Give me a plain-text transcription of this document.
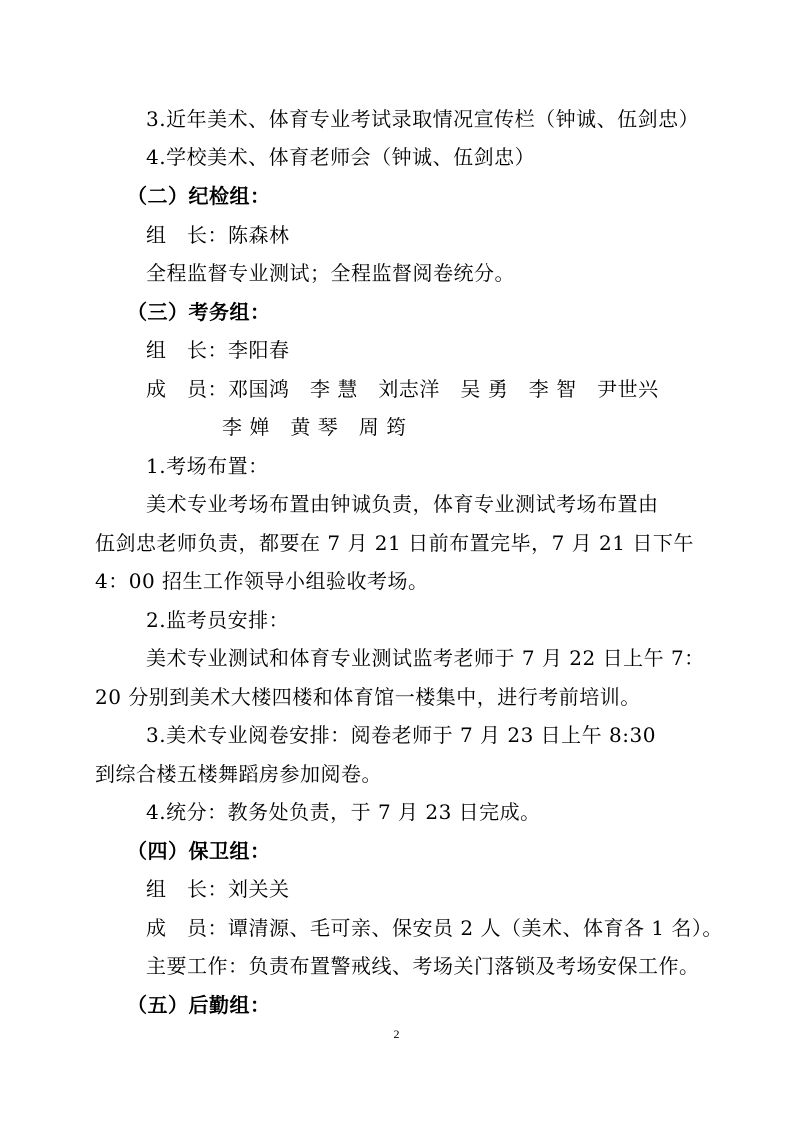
3.近年美术、体育专业考试录取情况宣传栏（钟诚、伍剑忠）
4.学校美术、体育老师会（钟诚、伍剑忠）
（二）纪检组：
组　长：陈森林
全程监督专业测试；全程监督阅卷统分。
（三）考务组：
组　长：李阳春
成　员：邓国鸿　李 慧　刘志洋　吴 勇　李 智　尹世兴
李 婵　黄 琴　周 筠
1.考场布置：
美术专业考场布置由钟诚负责，体育专业测试考场布置由
伍剑忠老师负责，都要在 7 月 21 日前布置完毕，7 月 21 日下午
4：00 招生工作领导小组验收考场。
2.监考员安排：
美术专业测试和体育专业测试监考老师于 7 月 22 日上午 7：
20 分别到美术大楼四楼和体育馆一楼集中，进行考前培训。
3.美术专业阅卷安排：阅卷老师于 7 月 23 日上午 8:30
到综合楼五楼舞蹈房参加阅卷。
4.统分：教务处负责，于 7 月 23 日完成。
（四）保卫组：
组　长：刘关关
成　员：谭清源、毛可亲、保安员 2 人（美术、体育各 1 名）。
主要工作：负责布置警戒线、考场关门落锁及考场安保工作。
（五）后勤组：
2
